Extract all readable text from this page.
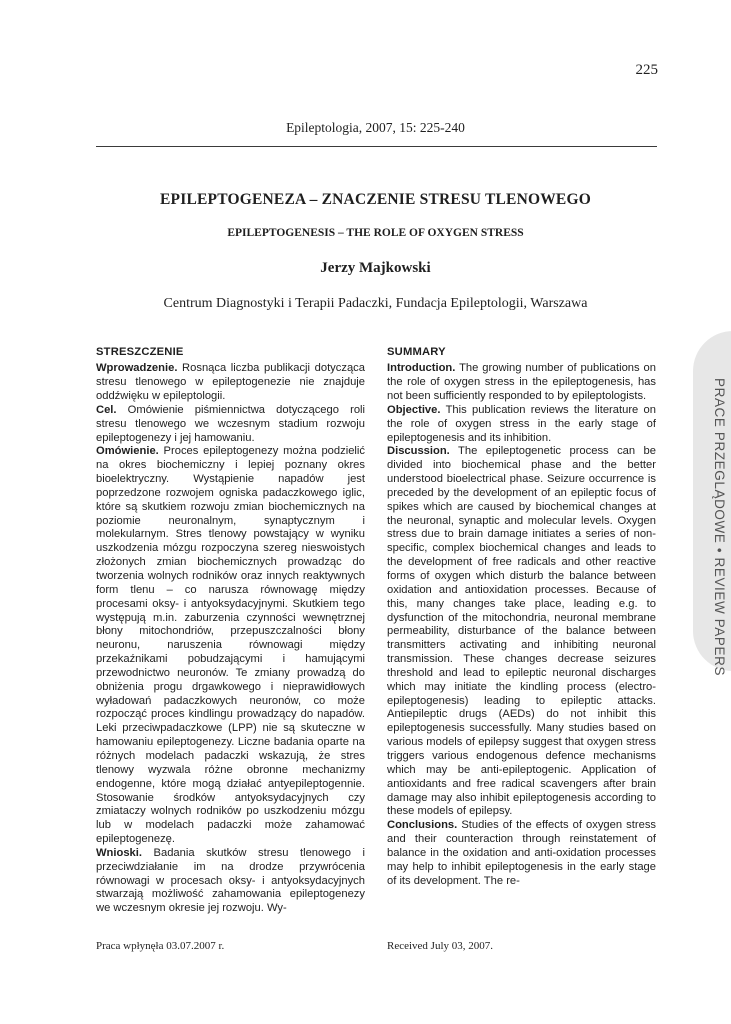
225
Epileptologia, 2007, 15: 225-240
EPILEPTOGENEZA – ZNACZENIE STRESU TLENOWEGO
EPILEPTOGENESIS – THE ROLE OF OXYGEN STRESS
Jerzy Majkowski
Centrum Diagnostyki i Terapii Padaczki, Fundacja Epileptologii, Warszawa
STRESZCZENIE

Wprowadzenie. Rosnąca liczba publikacji dotycząca stresu tlenowego w epileptogenezie nie znajduje oddźwięku w epileptologii.

Cel. Omówienie piśmiennictwa dotyczącego roli stresu tlenowego we wczesnym stadium rozwoju epileptogenezy i jej hamowaniu.

Omówienie. Proces epileptogenezy można podzielić na okres biochemiczny i lepiej poznany okres bioelektryczny. Wystąpienie napadów jest poprzedzone rozwojem ogniska padaczkowego iglic, które są skutkiem rozwoju zmian biochemicznych na poziomie neuronalnym, synaptycznym i molekularnym. Stres tlenowy powstający w wyniku uszkodzenia mózgu rozpoczyna szereg nieswoistych złożonych zmian biochemicznych prowadząc do tworzenia wolnych rodników oraz innych reaktywnych form tlenu – co narusza równowagę między procesami oksy- i antyoksydacyjnymi. Skutkiem tego występują m.in. zaburzenia czynności wewnętrznej błony mitochondriów, przepuszczalności błony neuronu, naruszenia równowagi między przekaźnikami pobudzającymi i hamującymi przewodnictwo neuronów. Te zmiany prowadzą do obniżenia progu drgawkowego i nieprawidłowych wyładowań padaczkowych neuronów, co może rozpocząć proces kindlingu prowadzący do napadów. Leki przeciwpadaczkowe (LPP) nie są skuteczne w hamowaniu epileptogenezy. Liczne badania oparte na różnych modelach padaczki wskazują, że stres tlenowy wyzwala różne obronne mechanizmy endogenne, które mogą działać antyepileptogennie. Stosowanie środków antyoksydacyjnych czy zmiataczy wolnych rodników po uszkodzeniu mózgu lub w modelach padaczki może zahamować epileptogenezę.

Wnioski. Badania skutków stresu tlenowego i przeciwdziałanie im na drodze przywrócenia równowagi w procesach oksy- i antyoksydacyjnych stwarzają możliwość zahamowania epileptogenezy we wczesnym okresie jej rozwoju. Wy-

SUMMARY

Introduction. The growing number of publications on the role of oxygen stress in the epileptogenesis, has not been sufficiently responded to by epileptologists.

Objective. This publication reviews the literature on the role of oxygen stress in the early stage of epileptogenesis and its inhibition.

Discussion. The epileptogenetic process can be divided into biochemical phase and the better understood bioelectrical phase. Seizure occurrence is preceded by the development of an epileptic focus of spikes which are caused by biochemical changes at the neuronal, synaptic and molecular levels. Oxygen stress due to brain damage initiates a series of non-specific, complex biochemical changes and leads to the development of free radicals and other reactive forms of oxygen which disturb the balance between oxidation and antioxidation processes. Because of this, many changes take place, leading e.g. to dysfunction of the mitochondria, neuronal membrane permeability, disturbance of the balance between transmitters activating and inhibiting neuronal transmission. These changes decrease seizures threshold and lead to epileptic neuronal discharges which may initiate the kindling process (electro-epileptogenesis) leading to epileptic attacks. Antiepileptic drugs (AEDs) do not inhibit this epileptogenesis successfully. Many studies based on various models of epilepsy suggest that oxygen stress triggers various endogenous defence mechanisms which may be anti-epileptogenic. Application of antioxidants and free radical scavengers after brain damage may also inhibit epileptogenesis according to these models of epilepsy.

Conclusions. Studies of the effects of oxygen stress and their counteraction through reinstatement of balance in the oxidation and anti-oxidation processes may help to inhibit epileptogenesis in the early stage of its development. The re-

PRACE PRZEGLĄDOWE • REVIEW PAPERS
Praca wpłynęła 03.07.2007 r.	Received July 03, 2007.
